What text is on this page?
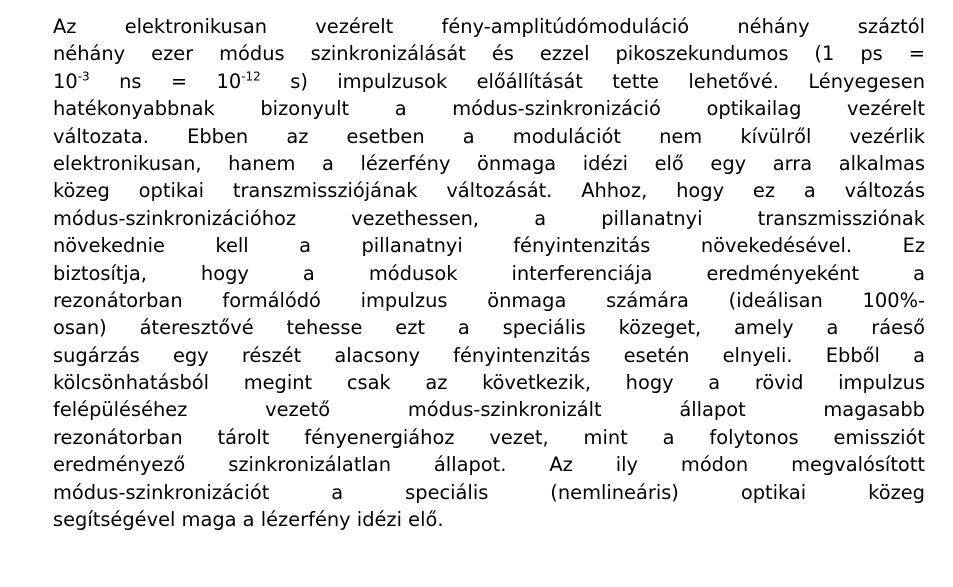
Az elektronikusan vezérelt fény-amplitúdómoduláció néhány száztól
néhány ezer módus szinkronizálását és ezzel pikoszekundumos (1 ps =
$10^{-3}$ ns = $10^{-12}$ s) impulzusok előállítását tette lehetővé. Lényegesen
hatékonyabbnak bizonyult a módus-szinkronizáció optikailag vezérelt
változata. Ebben az esetben a modulációt nem kívülről vezérlik
elektronikusan, hanem a lézerfény önmaga idézi elő egy arra alkalmas
közeg optikai transzmissziójának változását. Ahhoz, hogy ez a változás
módus-szinkronizációhoz vezethessen, a pillanatnyi transzmissziónak
növekednie kell a pillanatnyi fényintenzitás növekedésével. Ez
biztosítja, hogy a módusok interferenciája eredményeként a
rezonátorban formálódó impulzus önmaga számára (ideálisan 100%-
osan) áteresztővé tehesse ezt a speciális közeget, amely a ráeső
sugárzás egy részét alacsony fényintenzitás esetén elnyeli. Ebből a
kölcsönhatásból megint csak az következik, hogy a rövid impulzus
felépüléséhez vezető módus-szinkronizált állapot magasabb
rezonátorban tárolt fényenergiához vezet, mint a folytonos emissziót
eredményező szinkronizálatlan állapot. Az ily módon megvalósított
módus-szinkronizációt a speciális (nemlineáris) optikai közeg
segítségével maga a lézerfény idézi elő.
